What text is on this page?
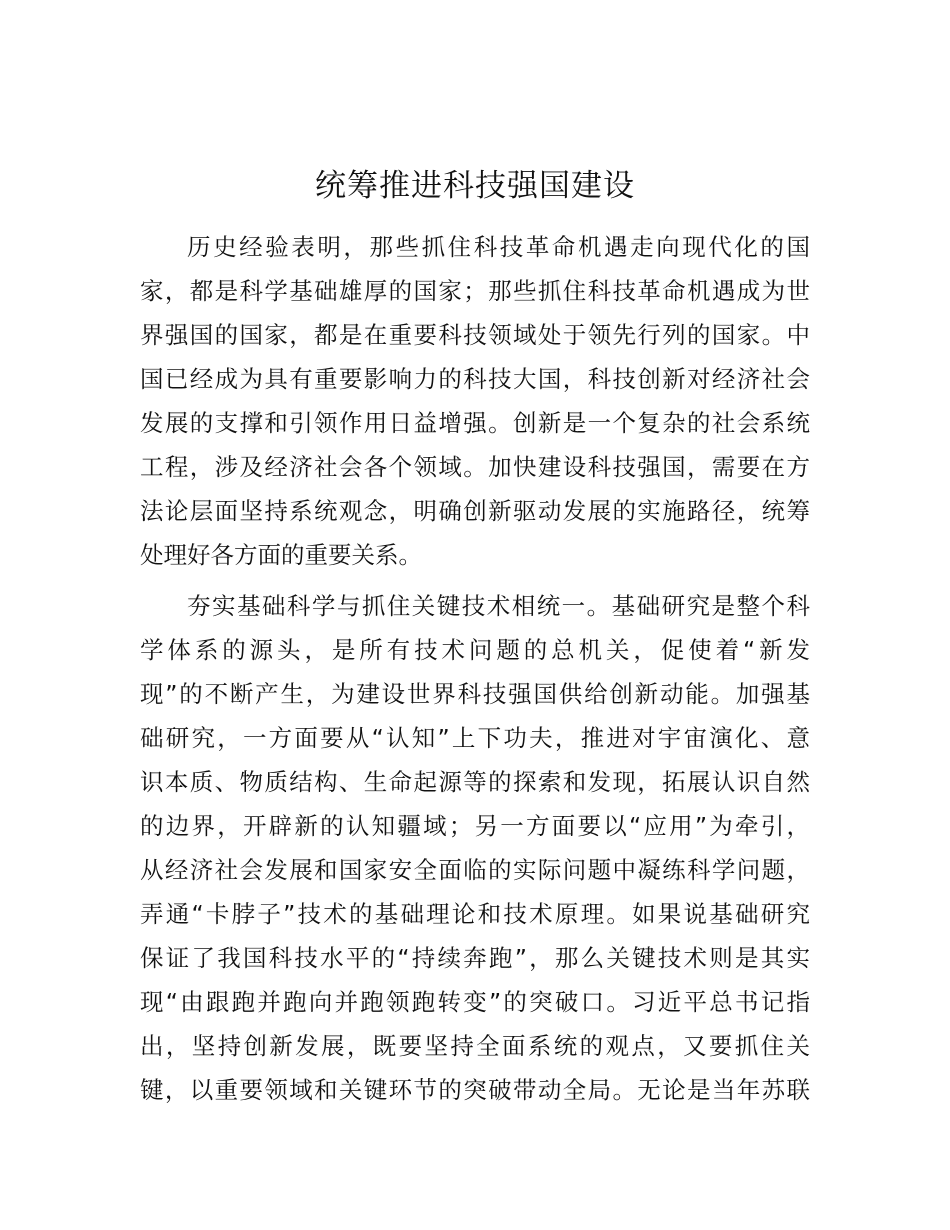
统筹推进科技强国建设
历史经验表明，那些抓住科技革命机遇走向现代化的国
家，都是科学基础雄厚的国家；那些抓住科技革命机遇成为世
界强国的国家，都是在重要科技领域处于领先行列的国家。中
国已经成为具有重要影响力的科技大国，科技创新对经济社会
发展的支撑和引领作用日益增强。创新是一个复杂的社会系统
工程，涉及经济社会各个领域。加快建设科技强国，需要在方
法论层面坚持系统观念，明确创新驱动发展的实施路径，统筹
处理好各方面的重要关系。
夯实基础科学与抓住关键技术相统一。基础研究是整个科
学体系的源头，是所有技术问题的总机关，促使着“新发
现”的不断产生，为建设世界科技强国供给创新动能。加强基
础研究，一方面要从“认知”上下功夫，推进对宇宙演化、意
识本质、物质结构、生命起源等的探索和发现，拓展认识自然
的边界，开辟新的认知疆域；另一方面要以“应用”为牵引，
从经济社会发展和国家安全面临的实际问题中凝练科学问题，
弄通“卡脖子”技术的基础理论和技术原理。如果说基础研究
保证了我国科技水平的“持续奔跑”，那么关键技术则是其实
现“由跟跑并跑向并跑领跑转变”的突破口。习近平总书记指
出，坚持创新发展，既要坚持全面系统的观点，又要抓住关
键，以重要领域和关键环节的突破带动全局。无论是当年苏联
